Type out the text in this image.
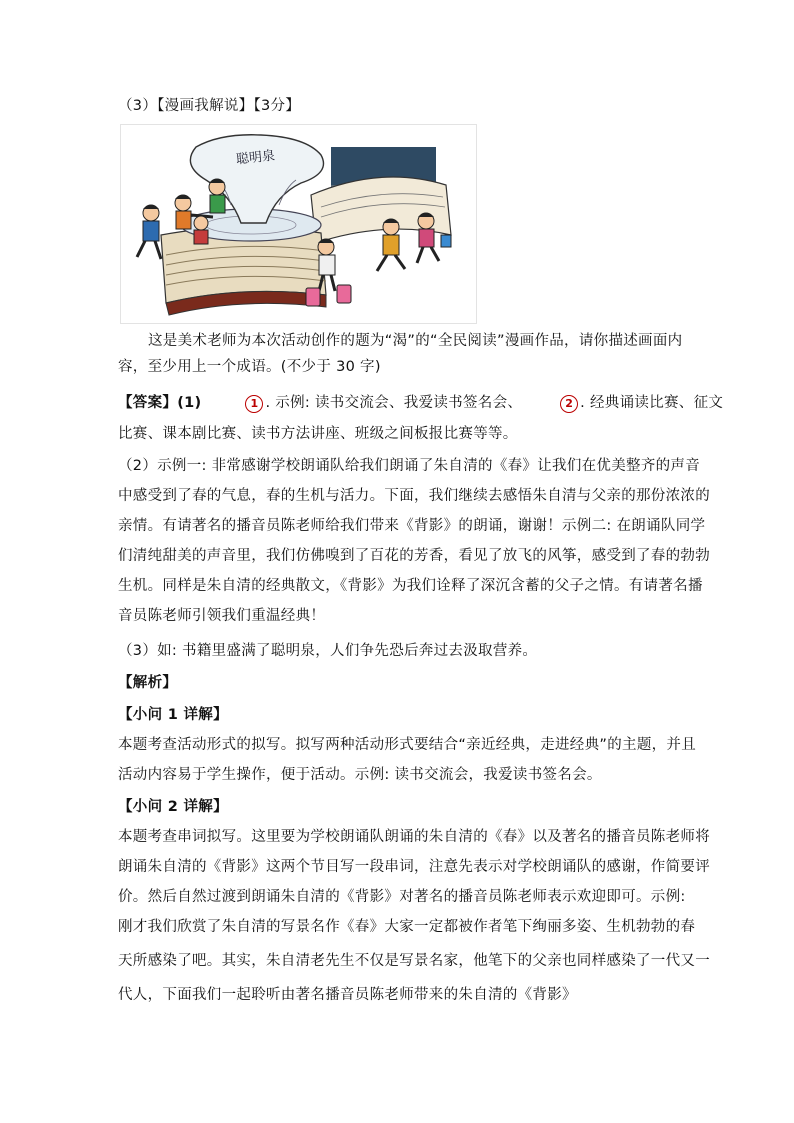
（3）【漫画我解说】【3分】
聪明泉
这是美术老师为本次活动创作的题为“渴”的“全民阅读”漫画作品，请你描述画面内
容，至少用上一个成语。(不少于 30 字)
【答案】(1)	1 . 示例: 读书交流会、我爱读书签名会、	2 . 经典诵读比赛、征文
比赛、课本剧比赛、读书方法讲座、班级之间板报比赛等等。
（2）示例一: 非常感谢学校朗诵队给我们朗诵了朱自清的《春》让我们在优美整齐的声音
中感受到了春的气息，春的生机与活力。下面，我们继续去感悟朱自清与父亲的那份浓浓的
亲情。有请著名的播音员陈老师给我们带来《背影》的朗诵，谢谢！示例二: 在朗诵队同学
们清纯甜美的声音里，我们仿佛嗅到了百花的芳香，看见了放飞的风筝，感受到了春的勃勃
生机。同样是朱自清的经典散文，《背影》为我们诠释了深沉含蓄的父子之情。有请著名播
音员陈老师引领我们重温经典！
（3）如: 书籍里盛满了聪明泉，人们争先恐后奔过去汲取营养。
【解析】
【小问 1 详解】
本题考查活动形式的拟写。拟写两种活动形式要结合“亲近经典，走进经典”的主题，并且
活动内容易于学生操作，便于活动。示例: 读书交流会，我爱读书签名会。
【小问 2 详解】
本题考查串词拟写。这里要为学校朗诵队朗诵的朱自清的《春》以及著名的播音员陈老师将
朗诵朱自清的《背影》这两个节目写一段串词，注意先表示对学校朗诵队的感谢，作简要评
价。然后自然过渡到朗诵朱自清的《背影》对著名的播音员陈老师表示欢迎即可。示例:
刚才我们欣赏了朱自清的写景名作《春》大家一定都被作者笔下绚丽多姿、生机勃勃的春
天所感染了吧。其实，朱自清老先生不仅是写景名家，他笔下的父亲也同样感染了一代又一
代人，下面我们一起聆听由著名播音员陈老师带来的朱自清的《背影》
